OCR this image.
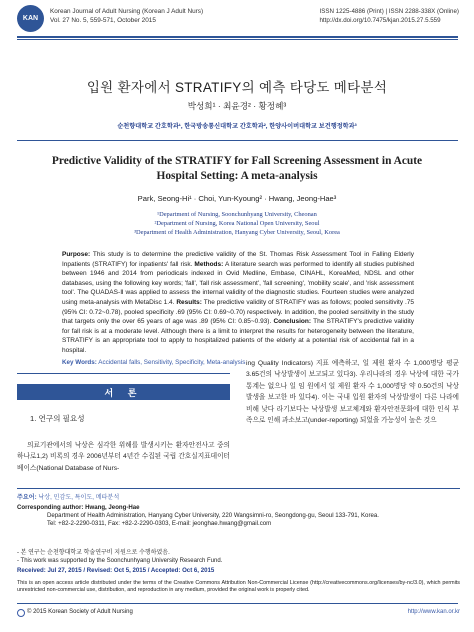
KAN
Korean Journal of Adult Nursing (Korean J Adult Nurs)
Vol. 27 No. 5, 559-571, October 2015
ISSN 1225-4886 (Print) | ISSN 2288-338X (Online)
http://dx.doi.org/10.7475/kjan.2015.27.5.559
입원 환자에서 STRATIFY의 예측 타당도 메타분석
박성희¹ · 최윤경² · 황정혜³
순천향대학교 간호학과¹, 한국방송통신대학교 간호학과², 한양사이버대학교 보건행정학과³
Predictive Validity of the STRATIFY for Fall Screening Assessment in Acute Hospital Setting: A meta-analysis
Park, Seong-Hi¹ · Choi, Yun-Kyoung² · Hwang, Jeong-Hae³
¹Department of Nursing, Soonchunhyang University, Cheonan
²Department of Nursing, Korea National Open University, Seoul
³Department of Health Administration, Hanyang Cyber University, Seoul, Korea
Purpose: This study is to determine the predictive validity of the St. Thomas Risk Assessment Tool in Falling Elderly Inpatients (STRATIFY) for inpatients' fall risk. Methods: A literature search was performed to identify all studies published between 1946 and 2014 from periodicals indexed in Ovid Medline, Embase, CINAHL, KoreaMed, NDSL and other databases, using the following key words; 'fall', 'fall risk assessment', 'fall screening', 'mobility scale', and 'risk assessment tool'. The QUADAS-Ⅱ was applied to assess the internal validity of the diagnostic studies. Fourteen studies were analyzed using meta-analysis with MetaDisc 1.4. Results: The predictive validity of STRATIFY was as follows; pooled sensitivity .75 (95% CI: 0.72~0.78), pooled specificity .69 (95% CI: 0.69~0.70) respectively. In addition, the pooled sensitivity in the study that targets only the over 65 years of age was .89 (95% CI: 0.85~0.93). Conclusion: The STRATIFY's predictive validity for fall risk is at a moderate level. Although there is a limit to interpret the results for heterogeneity between the literature, STRATIFY is an appropriate tool to apply to hospitalized patients of the elderly at a potential risk of accidental fall in a hospital.
Key Words: Accidental falls, Sensitivity, Specificity, Meta-analysis
서 론
1. 연구의 필요성
의료기관에서의 낙상은 심각한 위해를 발생시키는 환자안전사고 중의 하나로1,2) 비록의 경우 2006년부터 4년간 수집된 국립 간호실지표데이터베이스(National Database of Nurs-
ing Quality Indicators) 지표 예측하고, 일 제원 환자 수 1,000명당 평균 3.65건의 낙상발생이 보고되고 있다3). 우리나라의 경우 낙상에 대한 국가 통계는 없으나 일 임 원에서 일 제원 환자 수 1,000명당 약 0.50건의 낙상발생을 보고한 바 있다4). 이는 국내 입원 환자의 낙상발생이 다른 나라에 비해 낮다 라기보다는 낙상발생 보고체계와 환자안전문화에 대한 인식 부족으로 인해 과소보고(under-reporting) 되었을 가능성이 높은 것으
주요어: 낙상, 민감도, 특이도, 메타분석
Corresponding author: Hwang, Jeong-Hae
Department of Health Administration, Hanyang Cyber University, 220 Wangsimni-ro, Seongdong-gu, Seoul 133-791, Korea.
Tel: +82-2-2290-0311, Fax: +82-2-2290-0303, E-mail: jeonghae.hwang@gmail.com
- 본 연구는 순천향대학교 학술연구비 지원으로 수행하였음.
- This work was supported by the Soonchunhyang University Research Fund.
Received: Jul 27, 2015 / Revised: Oct 5, 2015 / Accepted: Oct 6, 2015
This is an open access article distributed under the terms of the Creative Commons Attribution Non-Commercial License (http://creativecommons.org/licenses/by-nc/3.0), which permits unrestricted non-commercial use, distribution, and reproduction in any medium, provided the original work is properly cited.
© 2015 Korean Society of Adult Nursing	http://www.kan.or.kr
